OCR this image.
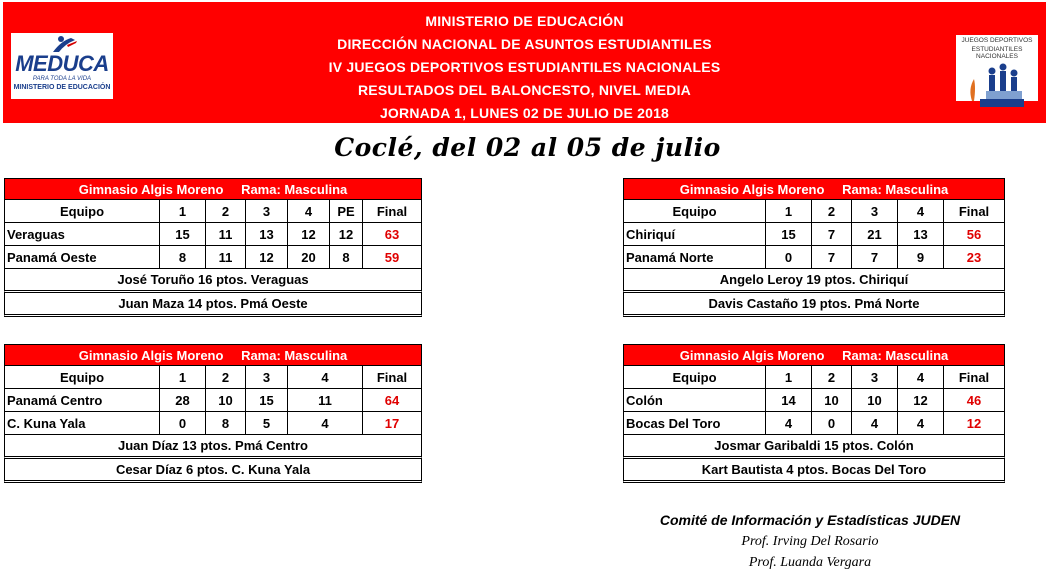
MINISTERIO DE EDUCACIÓN
DIRECCIÓN NACIONAL DE ASUNTOS ESTUDIANTILES
IV JUEGOS DEPORTIVOS ESTUDIANTILES NACIONALES
RESULTADOS DEL BALONCESTO, NIVEL MEDIA
JORNADA 1, LUNES 02 DE JULIO DE 2018
MEDUCA
PARA TODA LA VIDA
MINISTERIO DE EDUCACIÓN
JUEGOS DEPORTIVOS
ESTUDIANTILES NACIONALES
Coclé, del 02 al 05 de julio
Gimnasio Algis Moreno Rama: Masculina
Equipo	1	2	3	4	PE	Final
Veraguas	15	11	13	12	12	63
Panamá Oeste	8	11	12	20	8	59
José Toruño 16 ptos. Veraguas
Juan Maza 14 ptos. Pmá Oeste
Gimnasio Algis Moreno Rama: Masculina
Equipo	1	2	3	4	Final
Chiriquí	15	7	21	13	56
Panamá Norte	0	7	7	9	23
Angelo Leroy 19 ptos. Chiriquí
Davis Castaño 19 ptos. Pmá Norte
Gimnasio Algis Moreno Rama: Masculina
Equipo	1	2	3	4	Final
Panamá Centro	28	10	15	11	64
C. Kuna Yala	0	8	5	4	17
Juan Díaz 13 ptos. Pmá Centro
Cesar Díaz 6 ptos. C. Kuna Yala
Gimnasio Algis Moreno Rama: Masculina
Equipo	1	2	3	4	Final
Colón	14	10	10	12	46
Bocas Del Toro	4	0	4	4	12
Josmar Garibaldi 15 ptos. Colón
Kart Bautista 4 ptos. Bocas Del Toro
Comité de Información y Estadísticas JUDEN
Prof. Irving Del Rosario
Prof. Luanda Vergara
